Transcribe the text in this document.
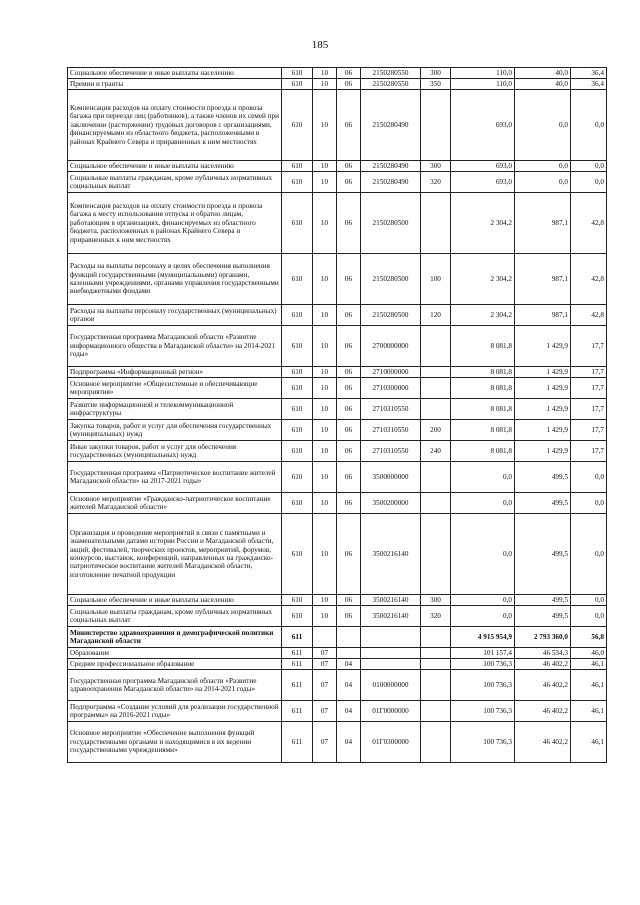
185
Социальное обеспечение и иные выплаты населению	610	10	06	2150280550	300	110,0	40,0	36,4
Премии и гранты	610	10	06	2150280550	350	110,0	40,0	36,4
Компенсация расходов на оплату стоимости проезда и провоза багажа при переезде лиц (работников), а также членов их семей при заключении (расторжении) трудовых договоров с организациями, финансируемыми из областного бюджета, расположенными в районах Крайнего Севера и приравненных к ним местностях	610	10	06	2150280490		693,0	0,0	0,0
Социальное обеспечение и иные выплаты населению	610	10	06	2150280490	300	693,0	0,0	0,0
Социальные выплаты гражданам, кроме публичных нормативных социальных выплат	610	10	06	2150280490	320	693,0	0,0	0,0
Компенсация расходов на оплату стоимости проезда и провоза багажа к месту использования отпуска и обратно лицам, работающим в организациях, финансируемых из областного бюджета, расположенных в районах Крайнего Севера и приравненных к ним местностях	610	10	06	2150280500		2 304,2	987,1	42,8
Расходы на выплаты персоналу в целях обеспечения выполнения функций государственными (муниципальными) органами, казенными учреждениями, органами управления государственными внебюджетными фондами	610	10	06	2150280500	100	2 304,2	987,1	42,8
Расходы на выплаты персоналу государственных (муниципальных) органов	610	10	06	2150280500	120	2 304,2	987,1	42,8
Государственная программа Магаданской области «Развитие информационного общества в Магаданской области» на 2014-2021 годы»	610	10	06	2700000000		8 081,8	1 429,9	17,7
Подпрограмма «Информационный регион»	610	10	06	2710000000		8 081,8	1 429,9	17,7
Основное мероприятие «Общесистемные и обеспечивающие мероприятия»	610	10	06	2710300000		8 081,8	1 429,9	17,7
Развитие информационной и телекоммуникационной инфраструктуры	610	10	06	2710310550		8 081,8	1 429,9	17,7
Закупка товаров, работ и услуг для обеспечения государственных (муниципальных) нужд	610	10	06	2710310550	200	8 081,8	1 429,9	17,7
Иные закупки товаров, работ и услуг для обеспечения государственных (муниципальных) нужд	610	10	06	2710310550	240	8 081,8	1 429,9	17,7
Государственная программа «Патриотическое воспитание жителей Магаданской области» на 2017-2021 годы»	610	10	06	3500000000		0,0	499,5	0,0
Основное мероприятие «Гражданско-патриотическое воспитание жителей Магаданской области»	610	10	06	3500200000		0,0	499,5	0,0
Организация и проведение мероприятий в связи с памятными и знаменательными датами истории России и Магаданской области, акций, фестивалей, творческих проектов, мероприятий, форумов, конкурсов, выставок, конференций, направленных на гражданско-патриотическое воспитание жителей Магаданской области, изготовление печатной продукции	610	10	06	3500216140		0,0	499,5	0,0
Социальное обеспечение и иные выплаты населению	610	10	06	3500216140	300	0,0	499,5	0,0
Социальные выплаты гражданам, кроме публичных нормативных социальных выплат	610	10	06	3500216140	320	0,0	499,5	0,0
Министерство здравоохранения и демографической политики Магаданской области	611					4 915 954,9	2 793 360,0	56,8
Образование	611	07				101 157,4	46 534,3	46,0
Среднее профессиональное образование	611	07	04			100 736,3	46 402,2	46,1
Государственная программа Магаданской области «Развитие здравоохранения Магаданской области» на 2014-2021 годы»	611	07	04	0100000000		100 736,3	46 402,2	46,1
Подпрограмма «Создание условий для реализации государственной программы» на 2016-2021 годы»	611	07	04	01Г0000000		100 736,3	46 402,2	46,1
Основное мероприятие «Обеспечение выполнения функций государственными органами и находящимися в их ведении государственными учреждениями»	611	07	04	01Г0300000		100 736,3	46 402,2	46,1
